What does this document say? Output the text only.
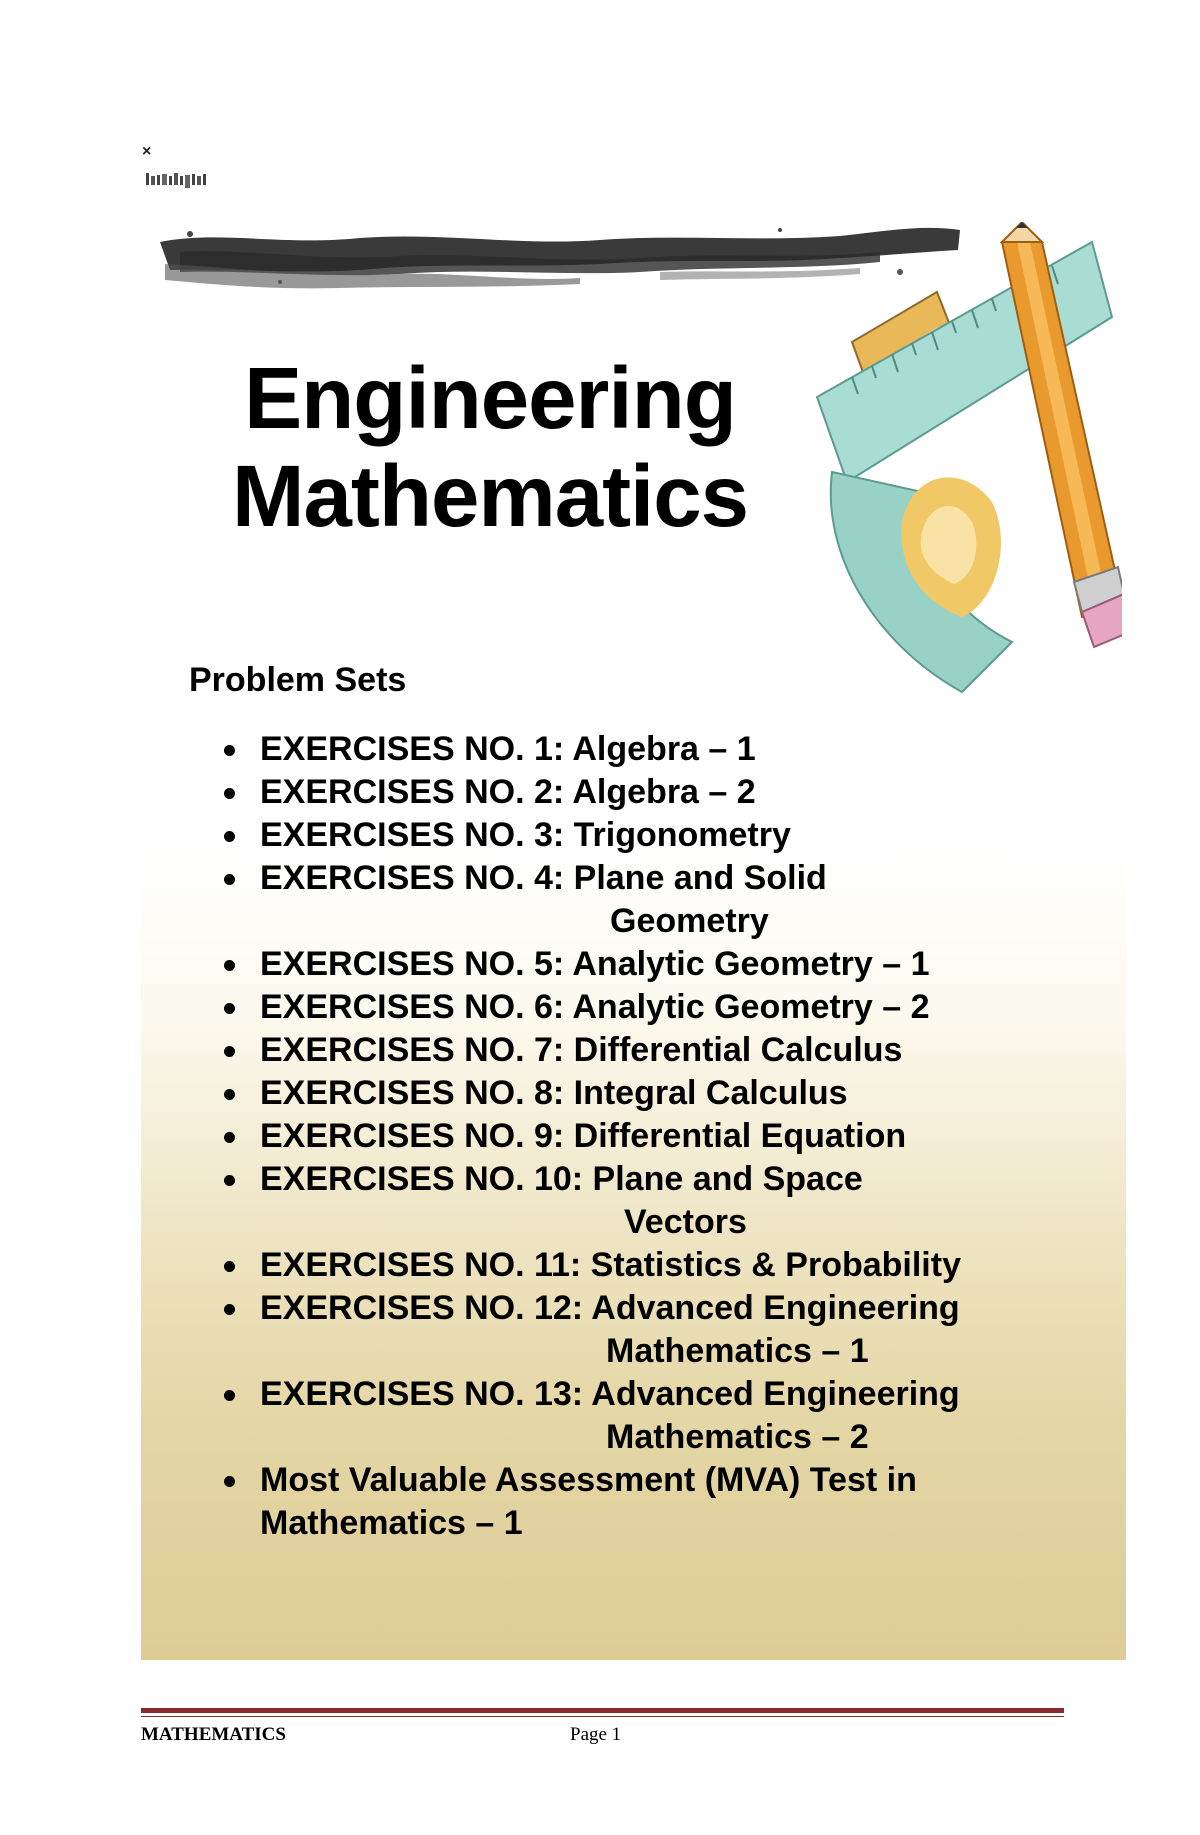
×
Engineering
Mathematics
Problem Sets
EXERCISES NO. 1: Algebra – 1
EXERCISES NO. 2: Algebra – 2
EXERCISES NO. 3: Trigonometry
EXERCISES NO. 4: Plane and Solid
Geometry
EXERCISES NO. 5: Analytic Geometry – 1
EXERCISES NO. 6: Analytic Geometry – 2
EXERCISES NO. 7: Differential Calculus
EXERCISES NO. 8: Integral Calculus
EXERCISES NO. 9: Differential Equation
EXERCISES NO. 10: Plane and Space
Vectors
EXERCISES NO. 11: Statistics & Probability
EXERCISES NO. 12: Advanced Engineering
Mathematics – 1
EXERCISES NO. 13: Advanced Engineering
Mathematics – 2
Most Valuable Assessment (MVA) Test in
Mathematics – 1
MATHEMATICS	Page 1
